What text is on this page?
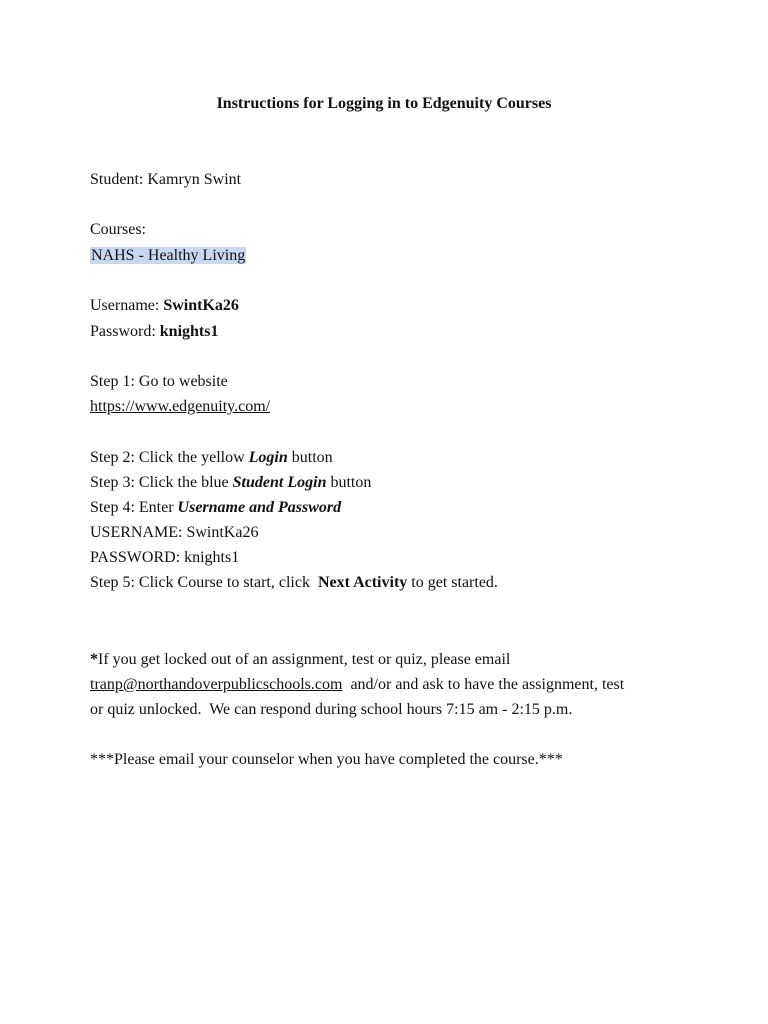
Instructions for Logging in to Edgenuity Courses
Student: Kamryn Swint
Courses:
NAHS - Healthy Living
Username: SwintKa26
Password: knights1
Step 1: Go to website
https://www.edgenuity.com/
Step 2: Click the yellow Login button
Step 3: Click the blue Student Login button
Step 4: Enter Username and Password
USERNAME: SwintKa26
PASSWORD: knights1
Step 5: Click Course to start, click  Next Activity to get started.
*If you get locked out of an assignment, test or quiz, please email
tranp@northandoverpublicschools.com  and/or and ask to have the assignment, test
or quiz unlocked.  We can respond during school hours 7:15 am - 2:15 p.m.
***Please email your counselor when you have completed the course.***
